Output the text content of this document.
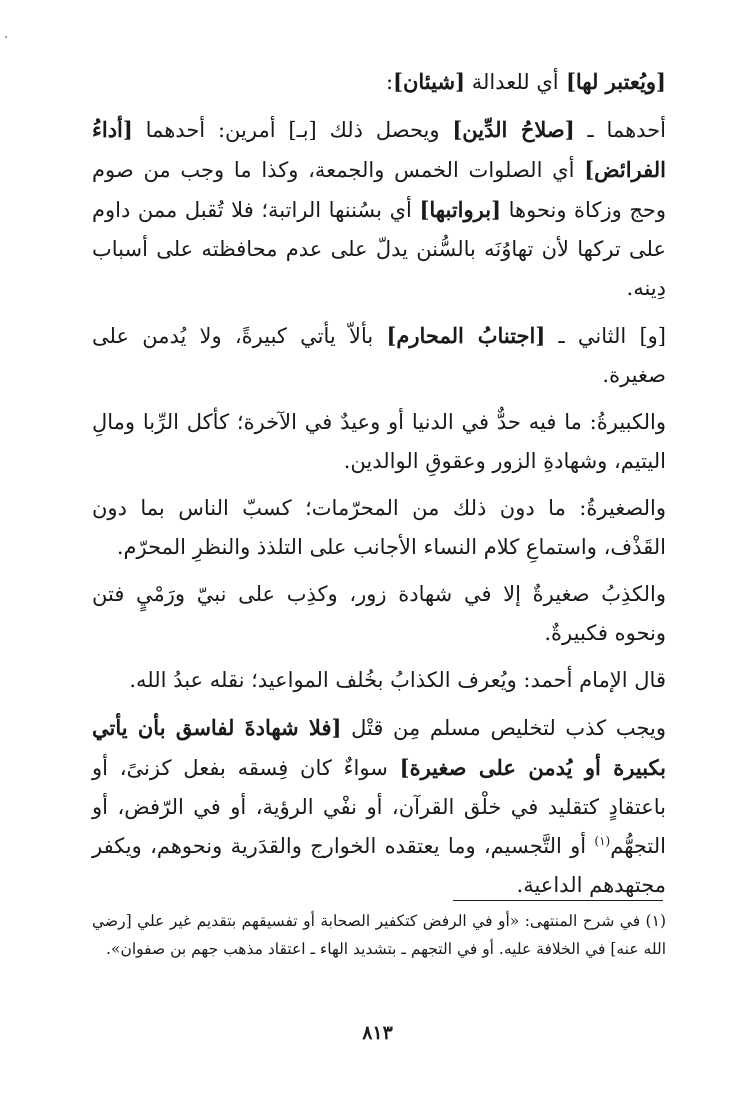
[ويُعتبر لها] أي للعدالة [شيئان]:

أحدهما ـ [صلاحُ الدِّين] ويحصل ذلك [بـ] أمرين: أحدهما [أداءُ الفرائض] أي الصلوات الخمس والجمعة، وكذا ما وجب من صوم وحج وزكاة ونحوها [برواتبها] أي بسُننها الراتبة؛ فلا تُقبل ممن داوم على تركها لأن تهاوُنَه بالسُّنن يدلّ على عدم محافظته على أسباب دِينه.

[و] الثاني ـ [اجتنابُ المحارم] بألاّ يأتي كبيرةً، ولا يُدمن على صغيرة.

والكبيرةُ: ما فيه حدٌّ في الدنيا أو وعيدٌ في الآخرة؛ كأكل الرِّبا ومالِ اليتيم، وشهادةِ الزور وعقوقِ الوالدين.

والصغيرةُ: ما دون ذلك من المحرّمات؛ كسبّ الناس بما دون القَذْف، واستماعِ كلام النساء الأجانب على التلذذ والنظرِ المحرّم.

والكذِبُ صغيرةٌ إلا في شهادة زور، وكذِب على نبيّ ورَمْيٍ فتن ونحوه فكبيرةٌ.

قال الإمام أحمد: ويُعرف الكذابُ بخُلف المواعيد؛ نقله عبدُ الله.

ويجب كذب لتخليص مسلم مِن قتْل [فلا شهادةَ لفاسق بأن يأتي بكبيرة أو يُدمن على صغيرة] سواءٌ كان فِسقه بفعل كزنىً، أو باعتقادٍ كتقليد في خلْق القرآن، أو نفْي الرؤية، أو في الرّفض، أو التجهُّم$^{(١)}$ أو التَّجسيم، وما يعتقده الخوارج والقدَرية ونحوهم، ويكفر مجتهدهم الداعية.

(١) في شرح المنتهى: «أو في الرفض كتكفير الصحابة أو تفسيقهم بتقديم غير علي [رضي الله عنه] في الخلافة عليه. أو في التجهم ـ بتشديد الهاء ـ اعتقاد مذهب جهم بن صفوان».

٨١٣
